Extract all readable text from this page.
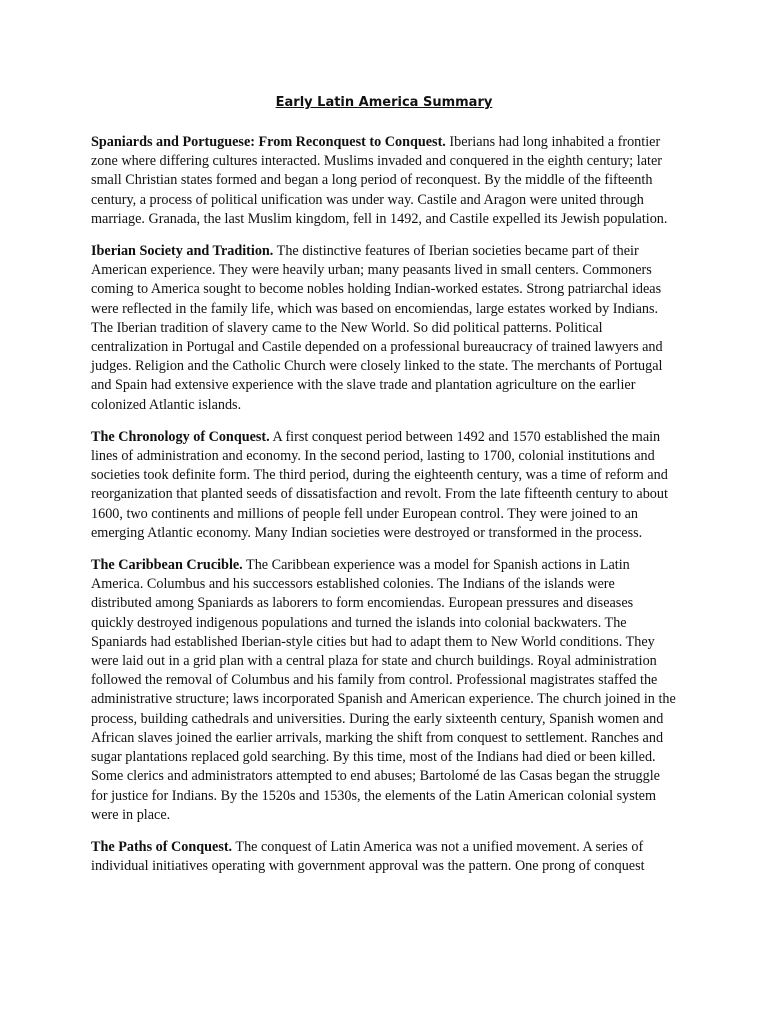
Early Latin America Summary

Spaniards and Portuguese: From Reconquest to Conquest. Iberians had long inhabited a frontier zone where differing cultures interacted. Muslims invaded and conquered in the eighth century; later small Christian states formed and began a long period of reconquest. By the middle of the fifteenth century, a process of political unification was under way. Castile and Aragon were united through marriage. Granada, the last Muslim kingdom, fell in 1492, and Castile expelled its Jewish population.

Iberian Society and Tradition. The distinctive features of Iberian societies became part of their American experience. They were heavily urban; many peasants lived in small centers. Commoners coming to America sought to become nobles holding Indian-worked estates. Strong patriarchal ideas were reflected in the family life, which was based on encomiendas, large estates worked by Indians. The Iberian tradition of slavery came to the New World. So did political patterns. Political centralization in Portugal and Castile depended on a professional bureaucracy of trained lawyers and judges. Religion and the Catholic Church were closely linked to the state. The merchants of Portugal and Spain had extensive experience with the slave trade and plantation agriculture on the earlier colonized Atlantic islands.

The Chronology of Conquest. A first conquest period between 1492 and 1570 established the main lines of administration and economy. In the second period, lasting to 1700, colonial institutions and societies took definite form. The third period, during the eighteenth century, was a time of reform and reorganization that planted seeds of dissatisfaction and revolt. From the late fifteenth century to about 1600, two continents and millions of people fell under European control. They were joined to an emerging Atlantic economy. Many Indian societies were destroyed or transformed in the process.

The Caribbean Crucible. The Caribbean experience was a model for Spanish actions in Latin America. Columbus and his successors established colonies. The Indians of the islands were distributed among Spaniards as laborers to form encomiendas. European pressures and diseases quickly destroyed indigenous populations and turned the islands into colonial backwaters. The Spaniards had established Iberian-style cities but had to adapt them to New World conditions. They were laid out in a grid plan with a central plaza for state and church buildings. Royal administration followed the removal of Columbus and his family from control. Professional magistrates staffed the administrative structure; laws incorporated Spanish and American experience. The church joined in the process, building cathedrals and universities. During the early sixteenth century, Spanish women and African slaves joined the earlier arrivals, marking the shift from conquest to settlement. Ranches and sugar plantations replaced gold searching. By this time, most of the Indians had died or been killed. Some clerics and administrators attempted to end abuses; Bartolomé de las Casas began the struggle for justice for Indians. By the 1520s and 1530s, the elements of the Latin American colonial system were in place.

The Paths of Conquest. The conquest of Latin America was not a unified movement. A series of individual initiatives operating with government approval was the pattern. One prong of conquest
